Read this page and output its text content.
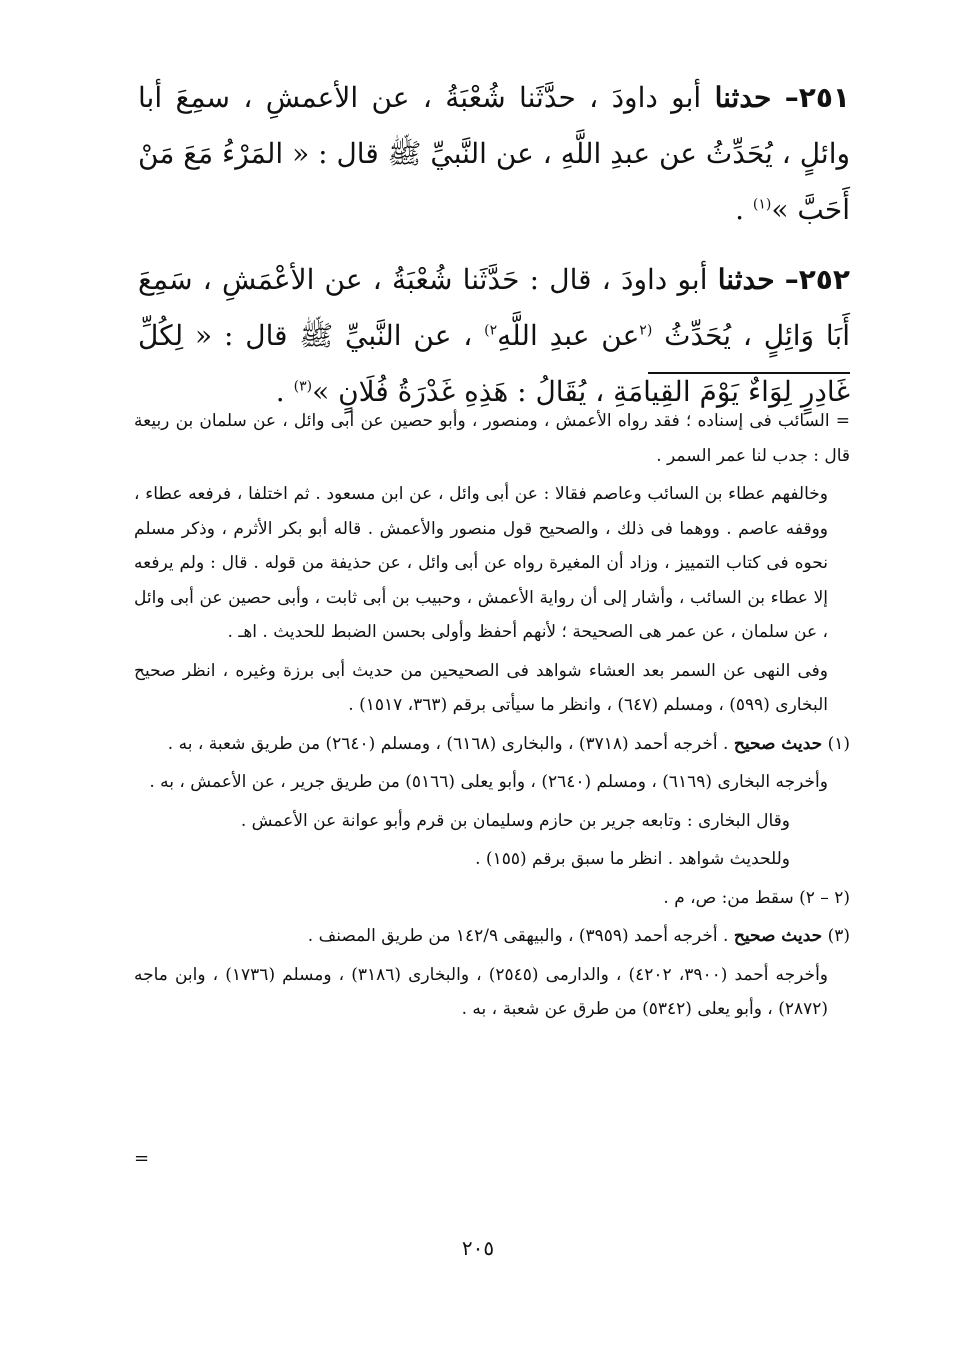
٢٥١– حدثنا أبو داودَ ، حدَّثَنا شُعْبَةُ ، عن الأعمشِ ، سمِعَ أبا وائلٍ ، يُحَدِّثُ عن عبدِ اللَّهِ ، عن النَّبيِّ ﷺ قال : « المَرْءُ مَعَ مَنْ أَحَبَّ »$^{(١)}$ .

٢٥٢– حدثنا أبو داودَ ، قال : حَدَّثَنا شُعْبَةُ ، عن الأعْمَشِ ، سَمِعَ أَبَا وَائِلٍ ، يُحَدِّثُ $^{(٢}$عن عبدِ اللَّهِ$^{٢)}$ ، عن النَّبيِّ ﷺ قال : « لِكُلِّ غَادِرٍ لِوَاءٌ يَوْمَ القِيامَةِ ، يُقَالُ : هَذِهِ غَدْرَةُ فُلَانٍ »$^{(٣)}$ .

= السائب فى إسناده ؛ فقد رواه الأعمش ، ومنصور ، وأبو حصين عن أبى وائل ، عن سلمان بن ربيعة قال : جدب لنا عمر السمر .

وخالفهم عطاء بن السائب وعاصم فقالا : عن أبى وائل ، عن ابن مسعود . ثم اختلفا ، فرفعه عطاء ، ووقفه عاصم . ووهما فى ذلك ، والصحيح قول منصور والأعمش . قاله أبو بكر الأثرم ، وذكر مسلم نحوه فى كتاب التمييز ، وزاد أن المغيرة رواه عن أبى وائل ، عن حذيفة من قوله . قال : ولم يرفعه إلا عطاء بن السائب ، وأشار إلى أن رواية الأعمش ، وحبيب بن أبى ثابت ، وأبى حصين عن أبى وائل ، عن سلمان ، عن عمر هى الصحيحة ؛ لأنهم أحفظ وأولى بحسن الضبط للحديث . اهـ .

وفى النهى عن السمر بعد العشاء شواهد فى الصحيحين من حديث أبى برزة وغيره ، انظر صحيح البخارى (٥٩٩) ، ومسلم (٦٤٧) ، وانظر ما سيأتى برقم (٣٦٣، ١٥١٧) .

(١) حديث صحيح . أخرجه أحمد (٣٧١٨) ، والبخارى (٦١٦٨) ، ومسلم (٢٦٤٠) من طريق شعبة ، به .

وأخرجه البخارى (٦١٦٩) ، ومسلم (٢٦٤٠) ، وأبو يعلى (٥١٦٦) من طريق جرير ، عن الأعمش ، به .

وقال البخارى : وتابعه جرير بن حازم وسليمان بن قرم وأبو عوانة عن الأعمش .

وللحديث شواهد . انظر ما سبق برقم (١٥٥) .

(٢ – ٢) سقط من: ص، م .

(٣) حديث صحيح . أخرجه أحمد (٣٩٥٩) ، والبيهقى ١٤٢/٩ من طريق المصنف .

وأخرجه أحمد (٣٩٠٠، ٤٢٠٢) ، والدارمى (٢٥٤٥) ، والبخارى (٣١٨٦) ، ومسلم (١٧٣٦) ، وابن ماجه (٢٨٧٢) ، وأبو يعلى (٥٣٤٢) من طرق عن شعبة ، به .

=
٢٠٥
